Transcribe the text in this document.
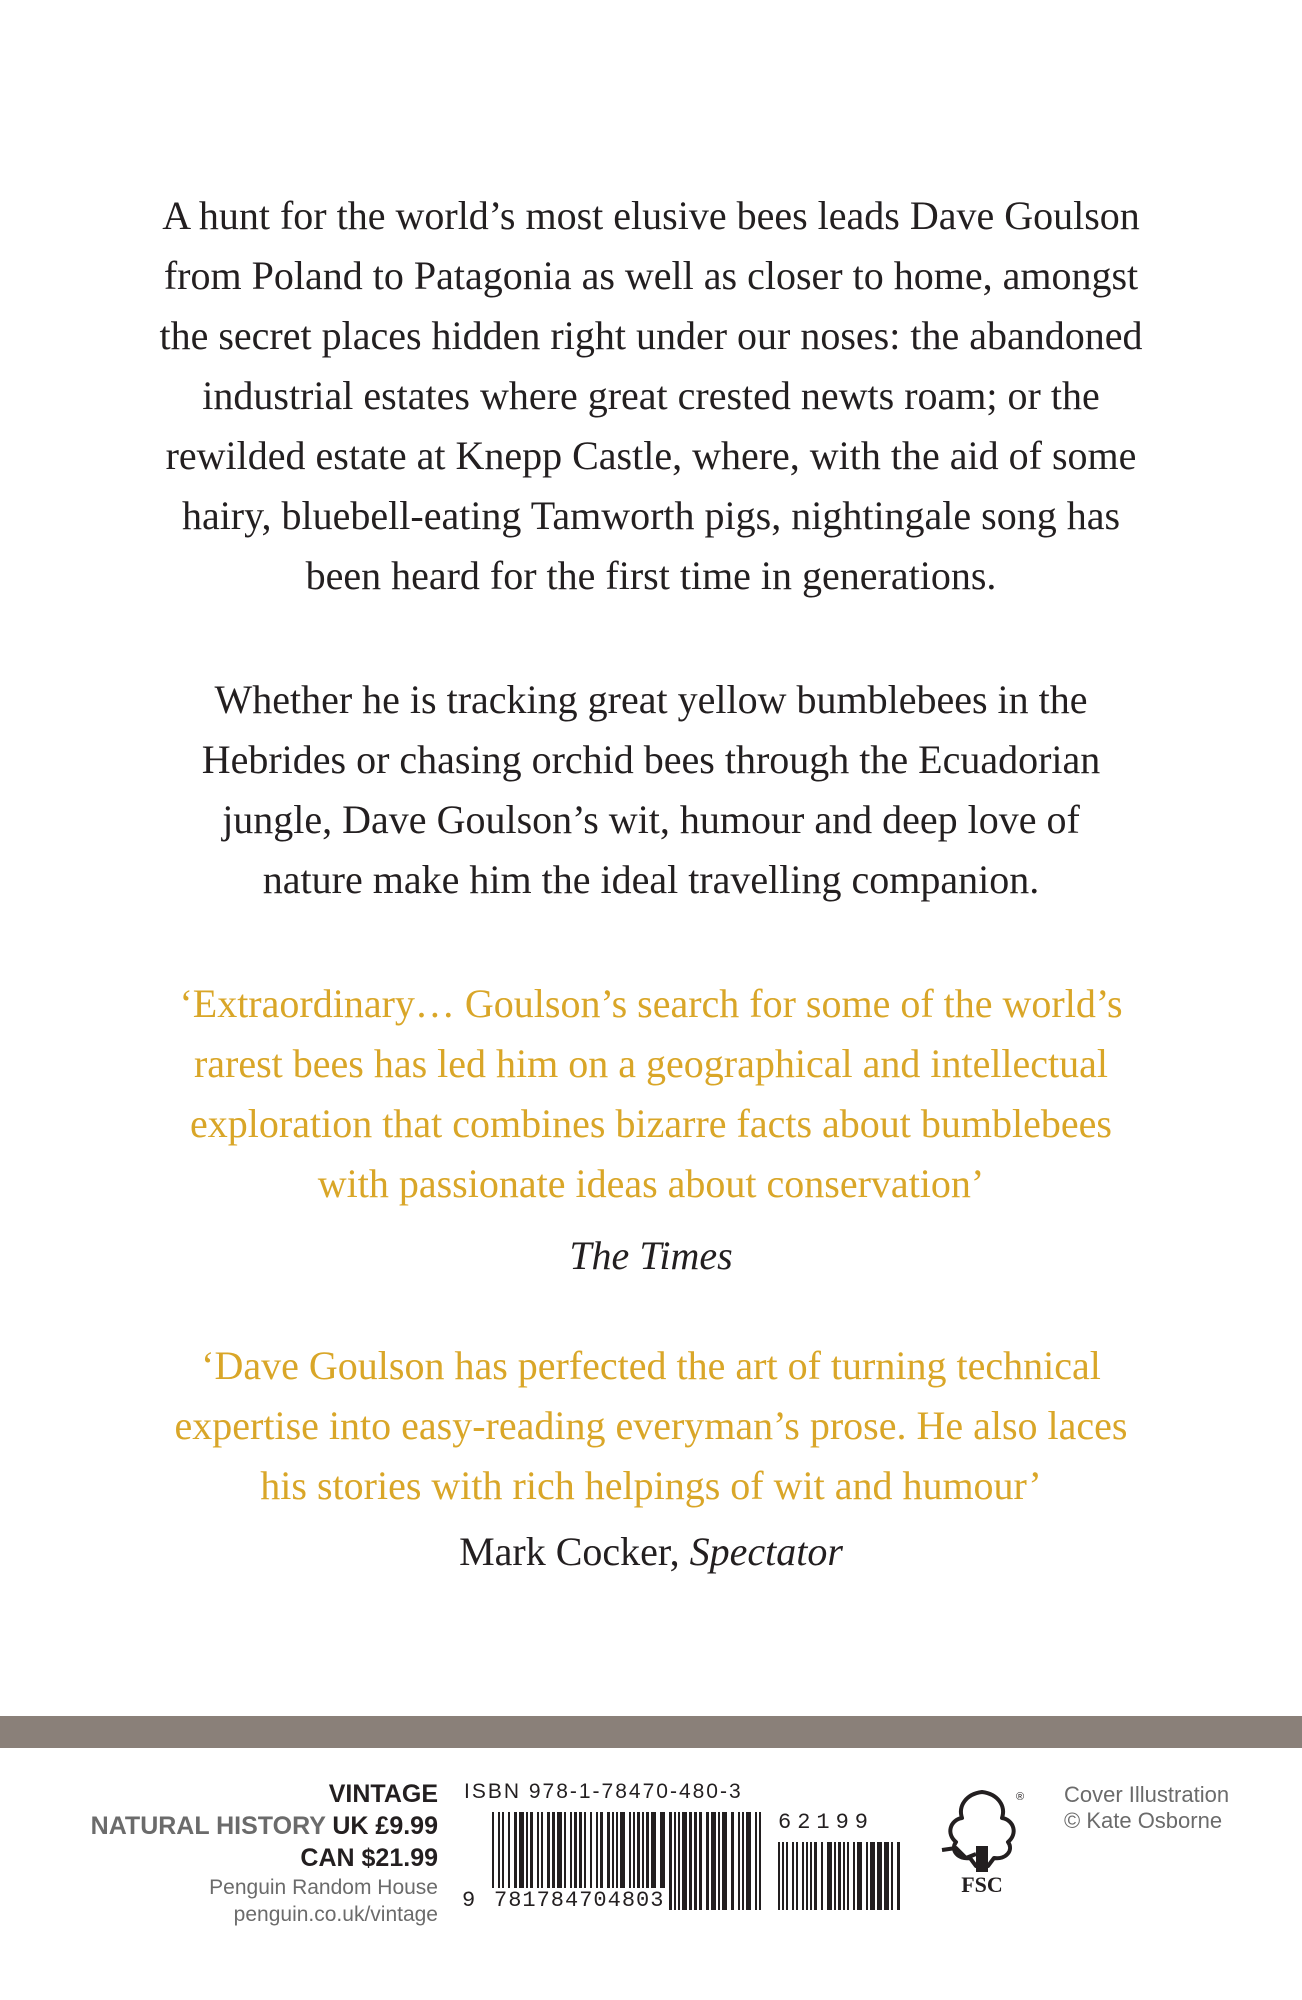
A hunt for the world’s most elusive bees leads Dave Goulson
from Poland to Patagonia as well as closer to home, amongst
the secret places hidden right under our noses: the abandoned
industrial estates where great crested newts roam; or the
rewilded estate at Knepp Castle, where, with the aid of some
hairy, bluebell-eating Tamworth pigs, nightingale song has
been heard for the first time in generations.
Whether he is tracking great yellow bumblebees in the
Hebrides or chasing orchid bees through the Ecuadorian
jungle, Dave Goulson’s wit, humour and deep love of
nature make him the ideal travelling companion.
‘Extraordinary… Goulson’s search for some of the world’s
rarest bees has led him on a geographical and intellectual
exploration that combines bizarre facts about bumblebees
with passionate ideas about conservation’
The Times
‘Dave Goulson has perfected the art of turning technical
expertise into easy-reading everyman’s prose. He also laces
his stories with rich helpings of wit and humour’
Mark Cocker, Spectator
VINTAGE
NATURAL HISTORY UK £9.99
CAN $21.99
Penguin Random House
penguin.co.uk/vintage
ISBN 978-1-78470-480-3
9 781784704803
62199
FSC
® Cover Illustration
© Kate Osborne
